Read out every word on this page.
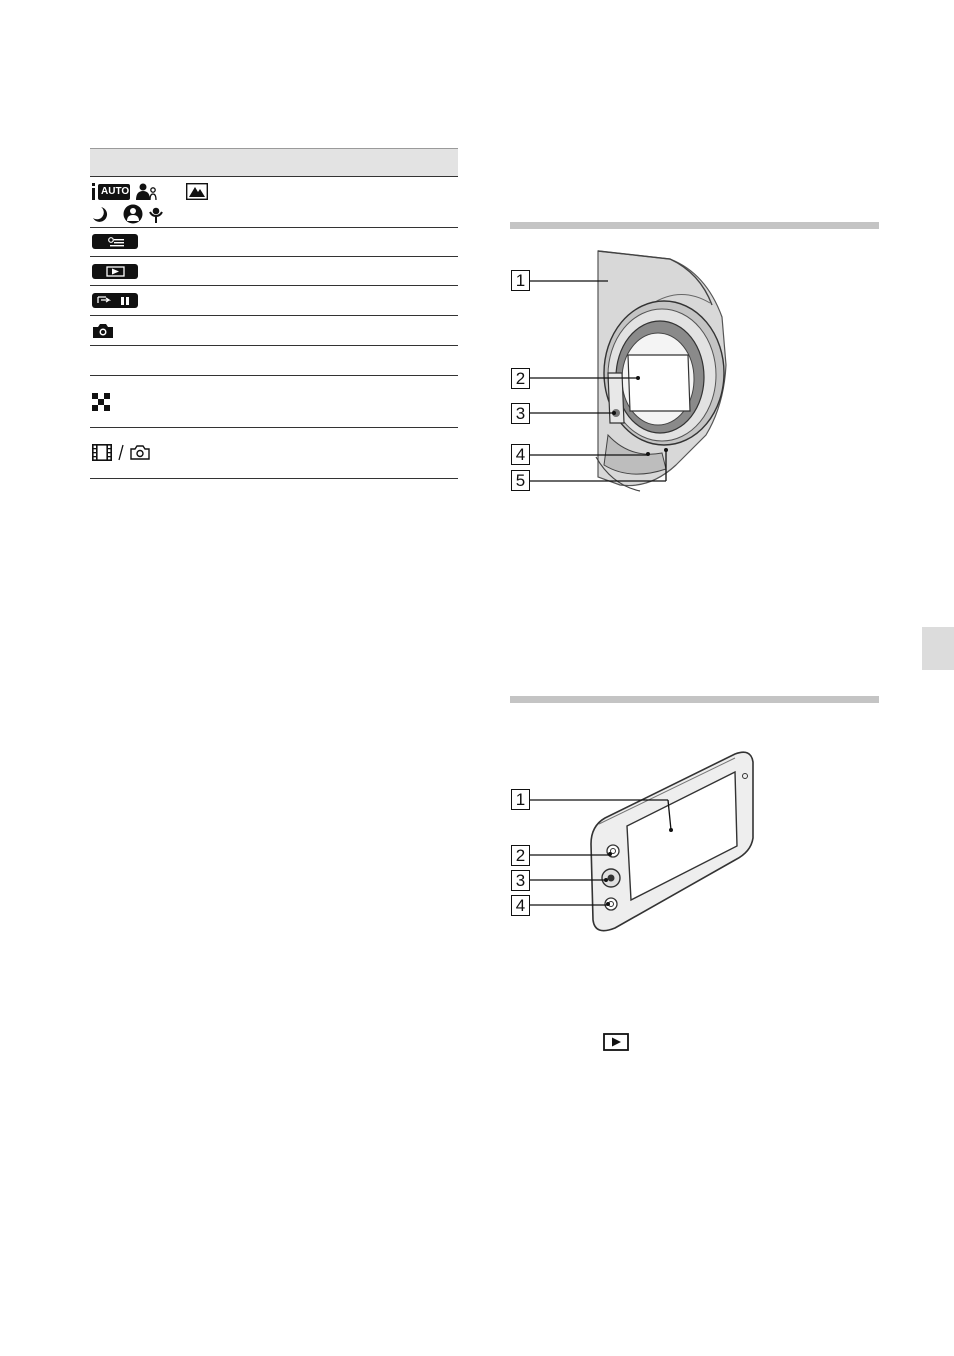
AUTO
1
2
3
4
5
1
2
3
4
